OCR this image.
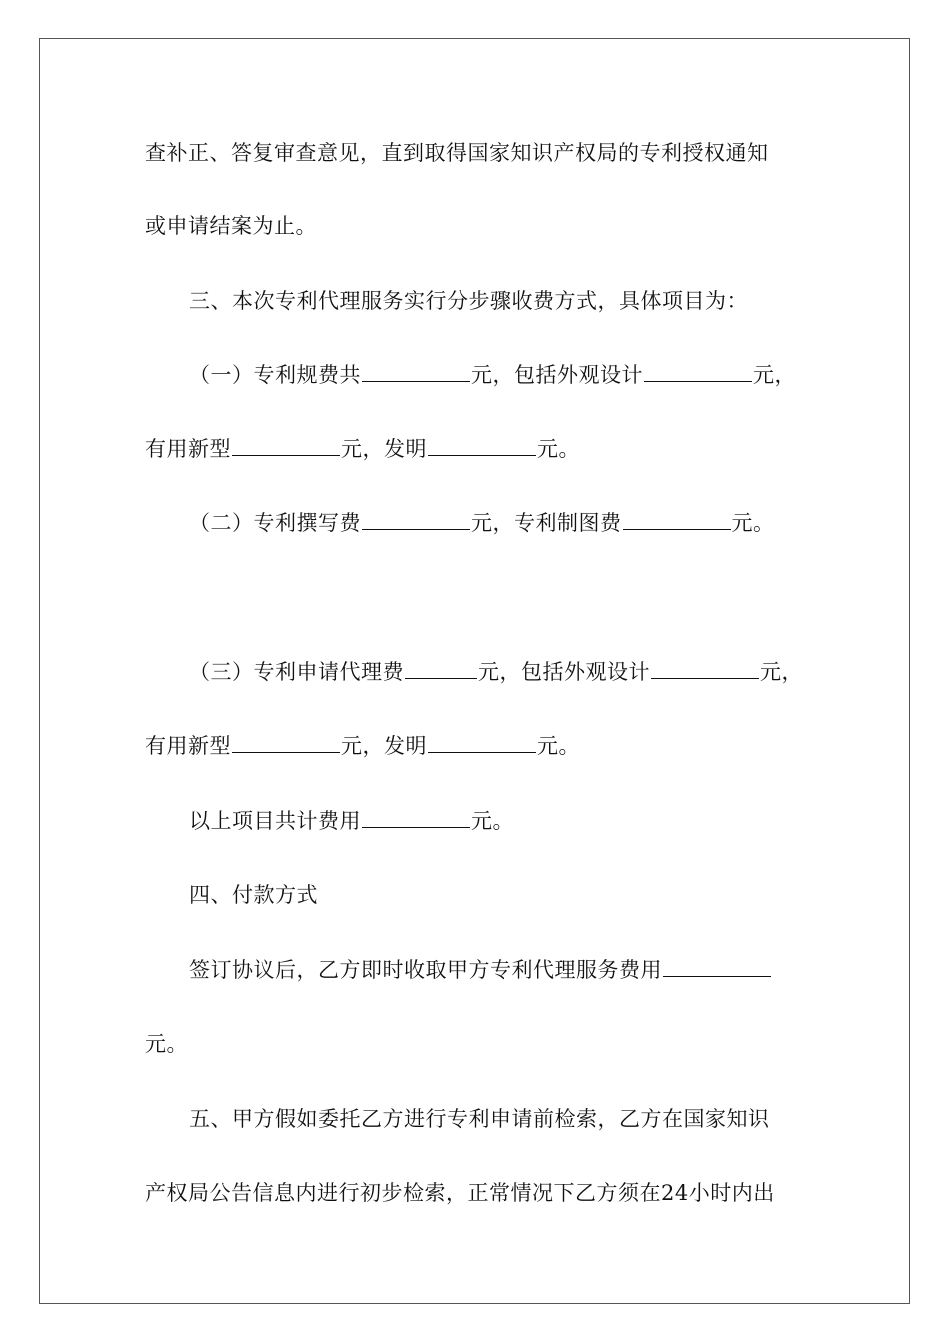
查补正、答复审查意见，直到取得国家知识产权局的专利授权通知
或申请结案为止。
三、本次专利代理服务实行分步骤收费方式，具体项目为：
（一）专利规费共	元，包括外观设计	元，
有用新型	元，发明	元。
（二）专利撰写费	元，专利制图费	元。
（三）专利申请代理费	元，包括外观设计	元，
有用新型	元，发明	元。
以上项目共计费用	元。
四、付款方式
签订协议后，乙方即时收取甲方专利代理服务费用
元。
五、甲方假如委托乙方进行专利申请前检索，乙方在国家知识
产权局公告信息内进行初步检索，正常情况下乙方须在24小时内出
